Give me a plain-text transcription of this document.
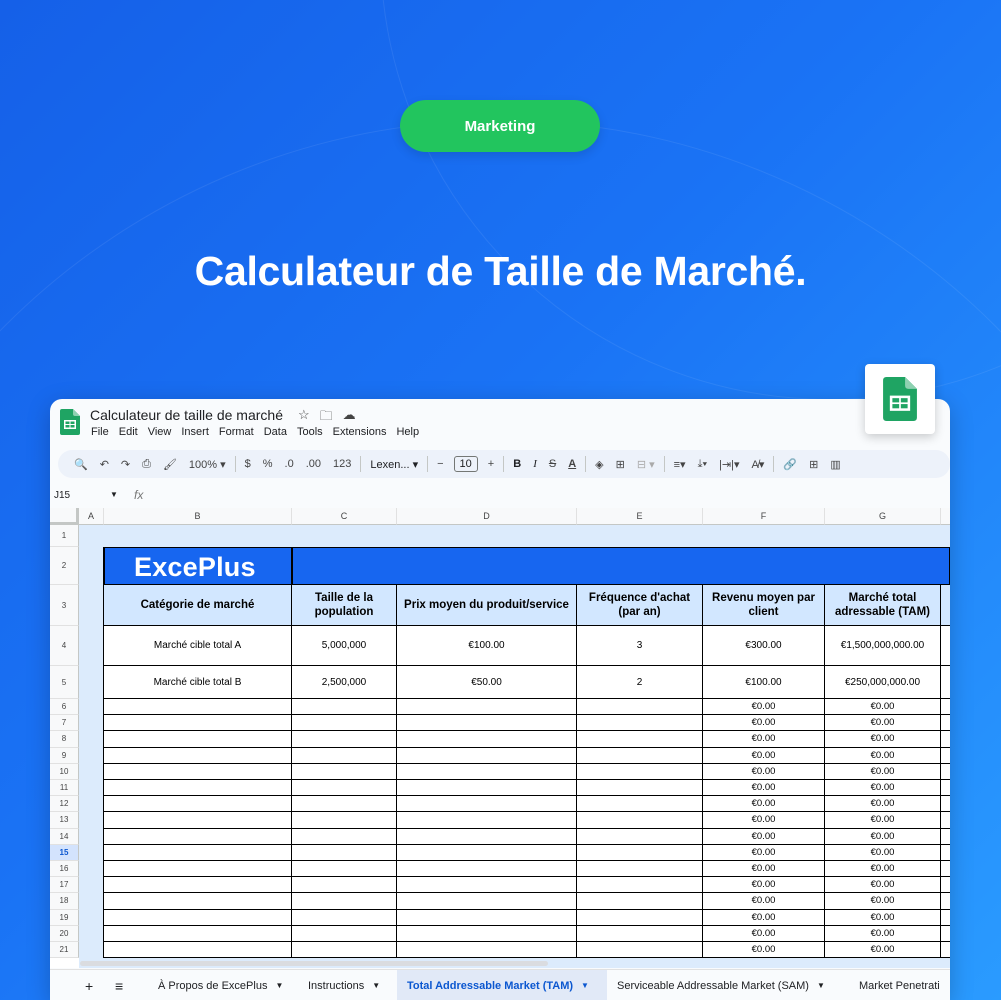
Marketing
Calculateur de Taille de Marché.
Calculateur de taille de marché ☆ 🗀 ☁
File Edit View Insert Format Data Tools Extensions Help
🔍	↶	↷	⎙	🖌	100% ▾	$	%	.0	.00	123	Lexen... ▾	−	10	+	B	I	S	A	◈	⊞	⊟ ▾	≡▾	⤓▾	|⇥|▾	A̸▾	🔗	⊞	▥
J15	▼ fx
A	B	C	D	E	F	G
1
2
3
4
5
6
7
8
9
10
11
12
13
14
15
16
17
18
19
20
21
ExcePlus
Catégorie de marché
Taille de la population
Prix moyen du produit/service
Fréquence d'achat (par an)
Revenu moyen par client
Marché total adressable (TAM)
Marché cible total A	5,000,000	€100.00	3	€300.00	€1,500,000,000.00
Marché cible total B	2,500,000	€50.00	2	€100.00	€250,000,000.00
€0.00	€0.00
€0.00	€0.00
€0.00	€0.00
€0.00	€0.00
€0.00	€0.00
€0.00	€0.00
€0.00	€0.00
€0.00	€0.00
€0.00	€0.00
€0.00	€0.00
€0.00	€0.00
€0.00	€0.00
€0.00	€0.00
€0.00	€0.00
€0.00	€0.00
€0.00	€0.00
+ ≡	À Propos de ExcePlus ▼ Instructions ▼ Total Addressable Market (TAM) ▼	Serviceable Addressable Market (SAM) ▼	Market Penetrati
